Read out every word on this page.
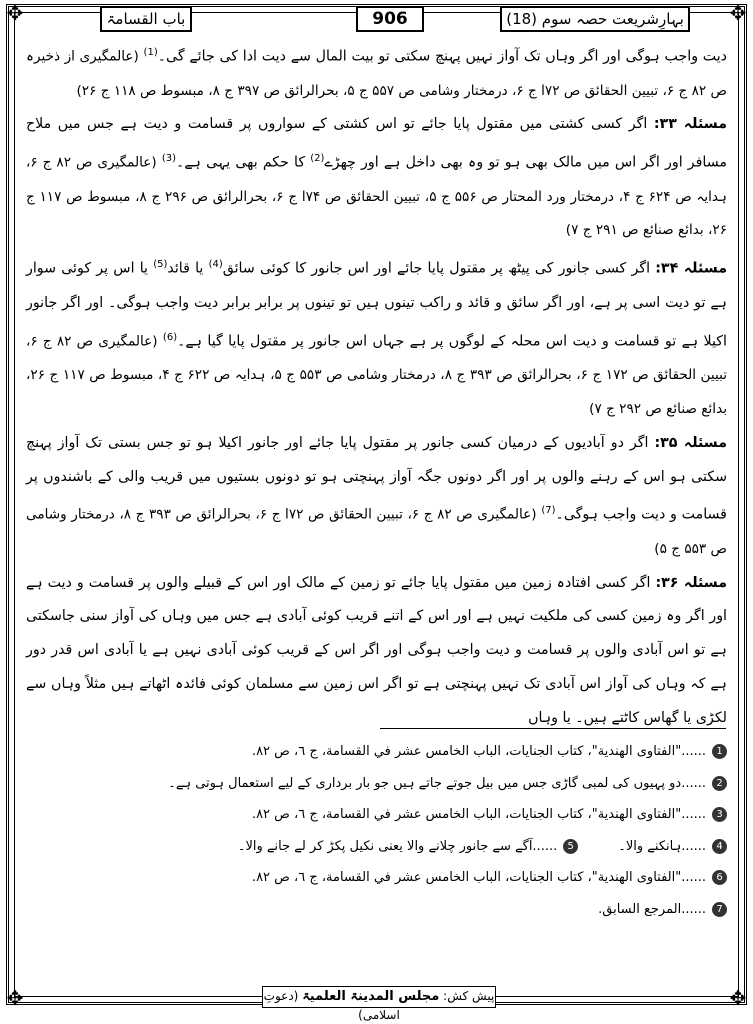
✥	✥
✥	✥
باب القسامۃ	906	بہارِشریعت حصہ سوم (18)

دیت واجب ہوگی اور اگر وہاں تک آواز نہیں پہنچ سکتی تو بیت المال سے دیت ادا کی جائے گی۔$^{(1)}$ (عالمگیری از ذخیرہ ص ۸۲ ج ۶، تبیین الحقائق ص ۷۲ا ج ۶، درمختار وشامی ص ۵۵۷ ج ۵، بحرالرائق ص ۳۹۷ ج ۸، مبسوط ص ۱۱۸ ج ۲۶)

مسئلہ ۳۳: اگر کسی کشتی میں مقتول پایا جائے تو اس کشتی کے سواروں پر قسامت و دیت ہے جس میں ملاح مسافر اور اگر اس میں مالک بھی ہو تو وہ بھی داخل ہے اور چھڑے$^{(2)}$ کا حکم بھی یہی ہے۔$^{(3)}$ (عالمگیری ص ۸۲ ج ۶، ہدایہ ص ۶۲۴ ج ۴، درمختار ورد المحتار ص ۵۵۶ ج ۵، تبیین الحقائق ص ۷۴ا ج ۶، بحرالرائق ص ۲۹۶ ج ۸، مبسوط ص ۱۱۷ ج ۲۶، بدائع صنائع ص ۲۹۱ ج ۷)

مسئلہ ۳۴: اگر کسی جانور کی پیٹھ پر مقتول پایا جائے اور اس جانور کا کوئی سائق$^{(4)}$ یا قائد$^{(5)}$ یا اس پر کوئی سوار ہے تو دیت اسی پر ہے، اور اگر سائق و قائد و راکب تینوں ہیں تو تینوں پر برابر برابر دیت واجب ہوگی۔ اور اگر جانور اکیلا ہے تو قسامت و دیت اس محلہ کے لوگوں پر ہے جہاں اس جانور پر مقتول پایا گیا ہے۔$^{(6)}$ (عالمگیری ص ۸۲ ج ۶، تبیین الحقائق ص ۱۷۲ ج ۶، بحرالرائق ص ۳۹۳ ج ۸، درمختار وشامی ص ۵۵۳ ج ۵، ہدایہ ص ۶۲۲ ج ۴، مبسوط ص ۱۱۷ ج ۲۶، بدائع صنائع ص ۲۹۲ ج ۷)

مسئلہ ۳۵: اگر دو آبادیوں کے درمیان کسی جانور پر مقتول پایا جائے اور جانور اکیلا ہو تو جس بستی تک آواز پہنچ سکتی ہو اس کے رہنے والوں پر اور اگر دونوں جگہ آواز پہنچتی ہو تو دونوں بستیوں میں قریب والی کے باشندوں پر قسامت و دیت واجب ہوگی۔$^{(7)}$ (عالمگیری ص ۸۲ ج ۶، تبیین الحقائق ص ۷۲ا ج ۶، بحرالرائق ص ۳۹۳ ج ۸، درمختار وشامی ص ۵۵۳ ج ۵)

مسئلہ ۳۶: اگر کسی افتادہ زمین میں مقتول پایا جائے تو زمین کے مالک اور اس کے قبیلے والوں پر قسامت و دیت ہے اور اگر وہ زمین کسی کی ملکیت نہیں ہے اور اس کے اتنے قریب کوئی آبادی ہے جس میں وہاں کی آواز سنی جاسکتی ہے تو اس آبادی والوں پر قسامت و دیت واجب ہوگی اور اگر اس کے قریب کوئی آبادی نہیں ہے یا آبادی اس قدر دور ہے کہ وہاں کی آواز اس آبادی تک نہیں پہنچتی ہے تو اگر اس زمین سے مسلمان کوئی فائدہ اٹھاتے ہیں مثلاً وہاں سے لکڑی یا گھاس کاٹتے ہیں۔ یا وہاں

1
......"الفتاوی الهندية"، كتاب الجنايات، الباب الخامس عشر في القسامة، ج ٦، ص ٨٢.
2
......دو پہیوں کی لمبی گاڑی جس میں بیل جوتے جاتے ہیں جو بار برداری کے لیے استعمال ہوتی ہے۔
3
......"الفتاوی الهندية"، كتاب الجنايات، الباب الخامس عشر في القسامة، ج ٦، ص ٨٢.
4
......ہانکنے والا۔
5
......آگے سے جانور چلانے والا یعنی نکیل پکڑ کر لے جانے والا۔
6
......"الفتاوی الهندية"، كتاب الجنايات، الباب الخامس عشر في القسامة، ج ٦، ص ٨٢.
7
......المرجع السابق.
پیش کش: مجلس المدینۃ العلمیۃ (دعوتِ اسلامی)
